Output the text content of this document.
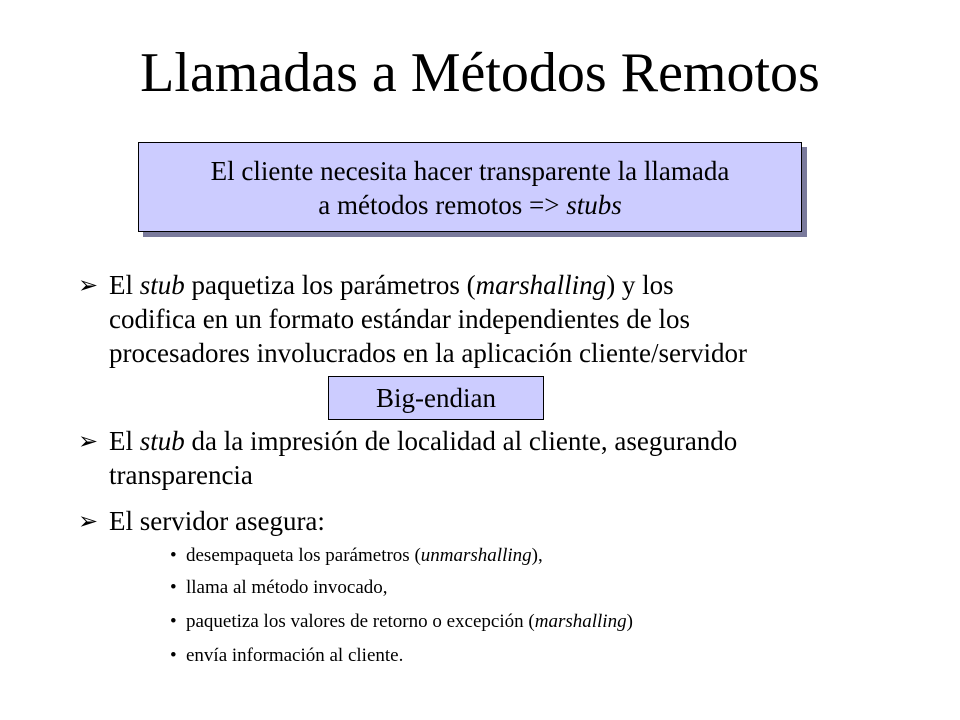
Llamadas a Métodos Remotos
El cliente necesita hacer transparente la llamada
a métodos remotos => stubs
➢ El stub paquetiza los parámetros (marshalling) y los
codifica en un formato estándar independientes de los
procesadores involucrados en la aplicación cliente/servidor
➢ El stub da la impresión de localidad al cliente, asegurando
transparencia
➢ El servidor asegura:
Big-endian
• desempaqueta los parámetros (unmarshalling),
• llama al método invocado,
• paquetiza los valores de retorno o excepción (marshalling)
• envía información al cliente.
